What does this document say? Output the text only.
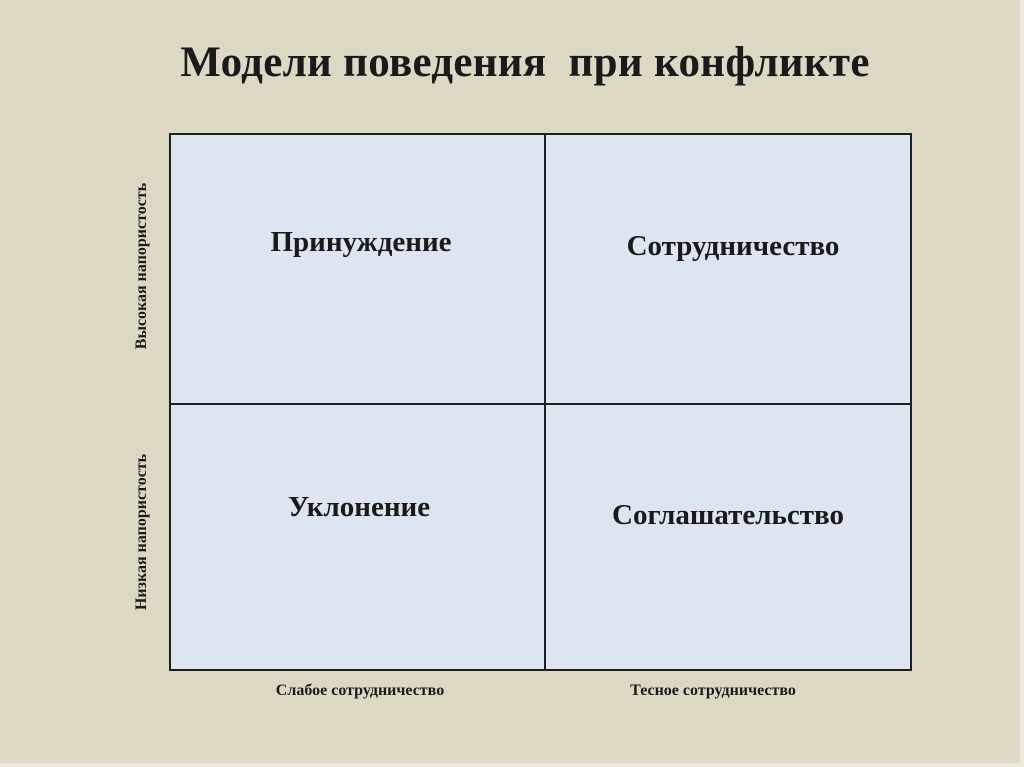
Модели поведения  при конфликте
Принуждение	Сотрудничество
Уклонение	Соглашательство
Высокая напористость
Низкая напористость
Слабое сотрудничество	Тесное сотрудничество
